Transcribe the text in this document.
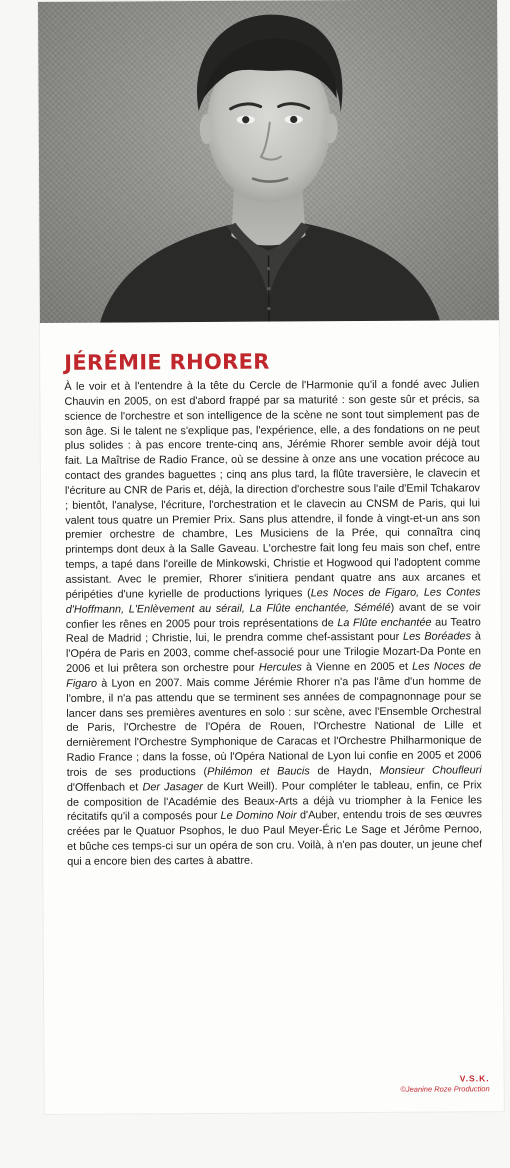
JÉRÉMIE RHORER

À le voir et à l'entendre à la tête du Cercle de l'Harmonie qu'il a fondé avec Julien Chauvin en 2005, on est d'abord frappé par sa maturité : son geste sûr et précis, sa science de l'orchestre et son intelligence de la scène ne sont tout simplement pas de son âge. Si le talent ne s'explique pas, l'expérience, elle, a des fondations on ne peut plus solides : à pas encore trente-cinq ans, Jérémie Rhorer semble avoir déjà tout fait. La Maîtrise de Radio France, où se dessine à onze ans une vocation précoce au contact des grandes baguettes ; cinq ans plus tard, la flûte traversière, le clavecin et l'écriture au CNR de Paris et, déjà, la direction d'orchestre sous l'aile d'Emil Tchakarov ; bientôt, l'analyse, l'écriture, l'orchestration et le clavecin au CNSM de Paris, qui lui valent tous quatre un Premier Prix. Sans plus attendre, il fonde à vingt-et-un ans son premier orchestre de chambre, Les Musiciens de la Prée, qui connaîtra cinq printemps dont deux à la Salle Gaveau. L'orchestre fait long feu mais son chef, entre temps, a tapé dans l'oreille de Minkowski, Christie et Hogwood qui l'adoptent comme assistant. Avec le premier, Rhorer s'initiera pendant quatre ans aux arcanes et péripéties d'une kyrielle de productions lyriques (Les Noces de Figaro, Les Contes d'Hoffmann, L'Enlèvement au sérail, La Flûte enchantée, Sémélé) avant de se voir confier les rênes en 2005 pour trois représentations de La Flûte enchantée au Teatro Real de Madrid ; Christie, lui, le prendra comme chef-assistant pour Les Boréades à l'Opéra de Paris en 2003, comme chef-associé pour une Trilogie Mozart-Da Ponte en 2006 et lui prêtera son orchestre pour Hercules à Vienne en 2005 et Les Noces de Figaro à Lyon en 2007. Mais comme Jérémie Rhorer n'a pas l'âme d'un homme de l'ombre, il n'a pas attendu que se terminent ses années de compagnonnage pour se lancer dans ses premières aventures en solo : sur scène, avec l'Ensemble Orchestral de Paris, l'Orchestre de l'Opéra de Rouen, l'Orchestre National de Lille et dernièrement l'Orchestre Symphonique de Caracas et l'Orchestre Philharmonique de Radio France ; dans la fosse, où l'Opéra National de Lyon lui confie en 2005 et 2006 trois de ses productions (Philémon et Baucis de Haydn, Monsieur Choufleuri d'Offenbach et Der Jasager de Kurt Weill). Pour compléter le tableau, enfin, ce Prix de composition de l'Académie des Beaux-Arts a déjà vu triompher à la Fenice les récitatifs qu'il a composés pour Le Domino Noir d'Auber, entendu trois de ses œuvres créées par le Quatuor Psophos, le duo Paul Meyer-Éric Le Sage et Jérôme Pernoo, et bûche ces temps-ci sur un opéra de son cru. Voilà, à n'en pas douter, un jeune chef qui a encore bien des cartes à abattre.

V.S.K.
©Jeanine Roze Production
